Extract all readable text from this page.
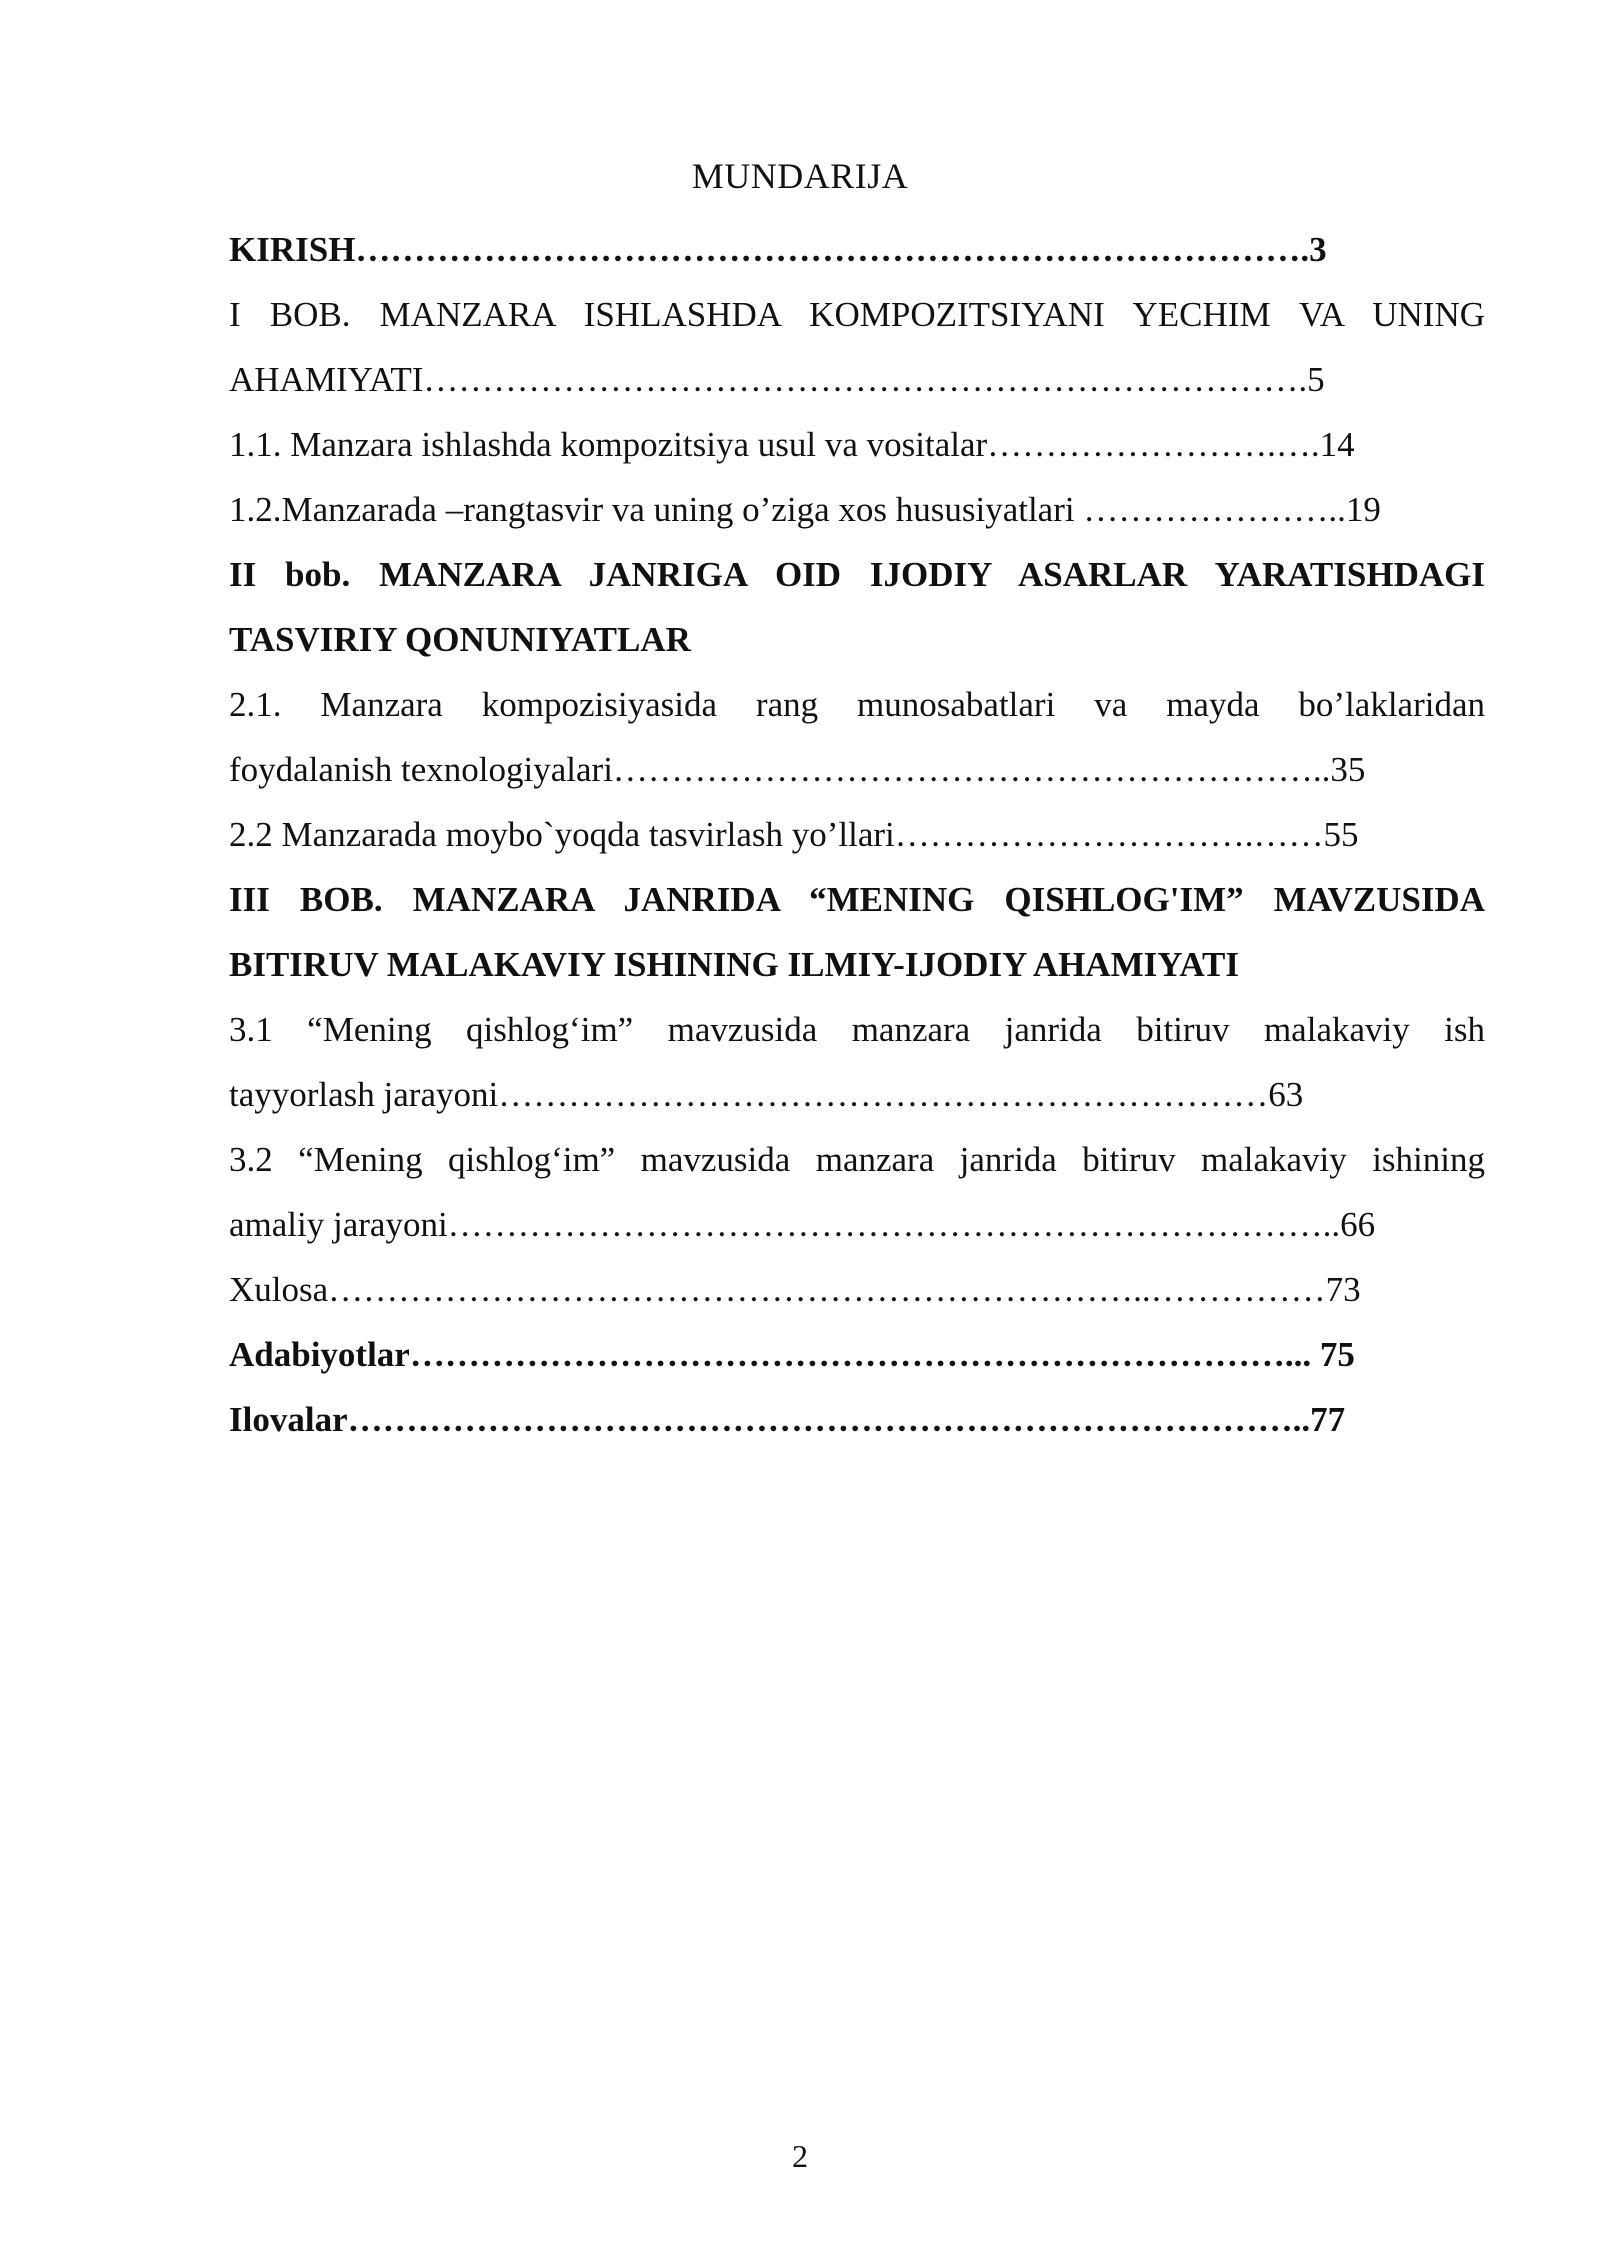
MUNDARIJA
KIRISH……………………………………………………………………….3
I BOB. MANZARA ISHLASHDA KOMPOZITSIYANI YECHIM VA UNING
AHAMIYATI………………………………………………………………….5
1.1. Manzara ishlashda kompozitsiya usul va vositalar…………………….….14
1.2.Manzarada –rangtasvir va uning o’ziga xos hususiyatlari …………………..19
II bob. MANZARA JANRIGA OID IJODIY ASARLAR YARATISHDAGI
TASVIRIY QONUNIYATLAR
2.1. Manzara kompozisiyasida rang munosabatlari va mayda bo’laklaridan
foydalanish texnologiyalari……………………………………………………..35
2.2 Manzarada moybo`yoqda tasvirlash yo’llari………………………….……55
III BOB. MANZARA JANRIDA “MENING QISHLOG'IM” MAVZUSIDA
BITIRUV MALAKAVIY ISHINING ILMIY-IJODIY AHAMIYATI
3.1 “Mening qishlog‘im” mavzusida manzara janrida bitiruv malakaviy ish
tayyorlash jarayoni…………………………………………………………63
3.2 “Mening qishlog‘im” mavzusida manzara janrida bitiruv malakaviy ishining
amaliy jarayoni…………………………………………………………………..66
Xulosa……………………………………………………………..……………73
Adabiyotlar…………………………………………………………………... 75
Ilovalar………………………………………………………………………..77
2
